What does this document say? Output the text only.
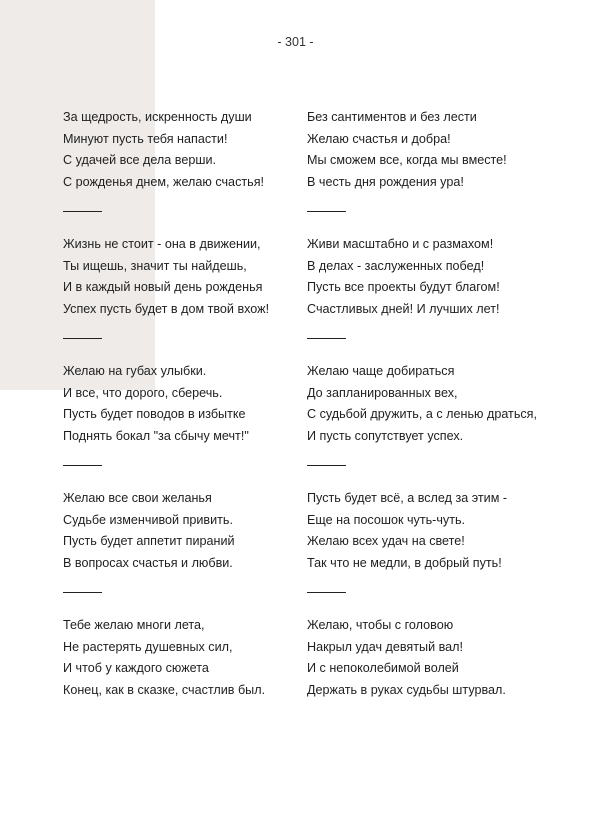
- 301 -
За щедрость, искренность души
Минуют пусть тебя напасти!
С удачей все дела верши.
С рожденья днем, желаю счастья!
Жизнь не стоит - она в движении,
Ты ищешь, значит ты найдешь,
И в каждый новый день рожденья
Успех пусть будет в дом твой вхож!
Желаю на губах улыбки.
И все, что дорого, сберечь.
Пусть будет поводов в избытке
Поднять бокал "за сбычу мечт!"
Желаю все свои желанья
Судьбе изменчивой привить.
Пусть будет аппетит пираний
В вопросах счастья и любви.
Тебе желаю многи лета,
Не растерять душевных сил,
И чтоб у каждого сюжета
Конец, как в сказке, счастлив был.
Без сантиментов и без лести
Желаю счастья и добра!
Мы сможем все, когда мы вместе!
В честь дня рождения ура!
Живи масштабно и с размахом!
В делах - заслуженных побед!
Пусть все проекты будут благом!
Счастливых дней! И лучших лет!
Желаю чаще добираться
До запланированных вех,
С судьбой дружить, а с ленью драться,
И пусть сопутствует успех.
Пусть будет всё, а вслед за этим -
Еще на посошок чуть-чуть.
Желаю всех удач на свете!
Так что не медли, в добрый путь!
Желаю, чтобы с головою
Накрыл удач девятый вал!
И с непоколебимой волей
Держать в руках судьбы штурвал.
